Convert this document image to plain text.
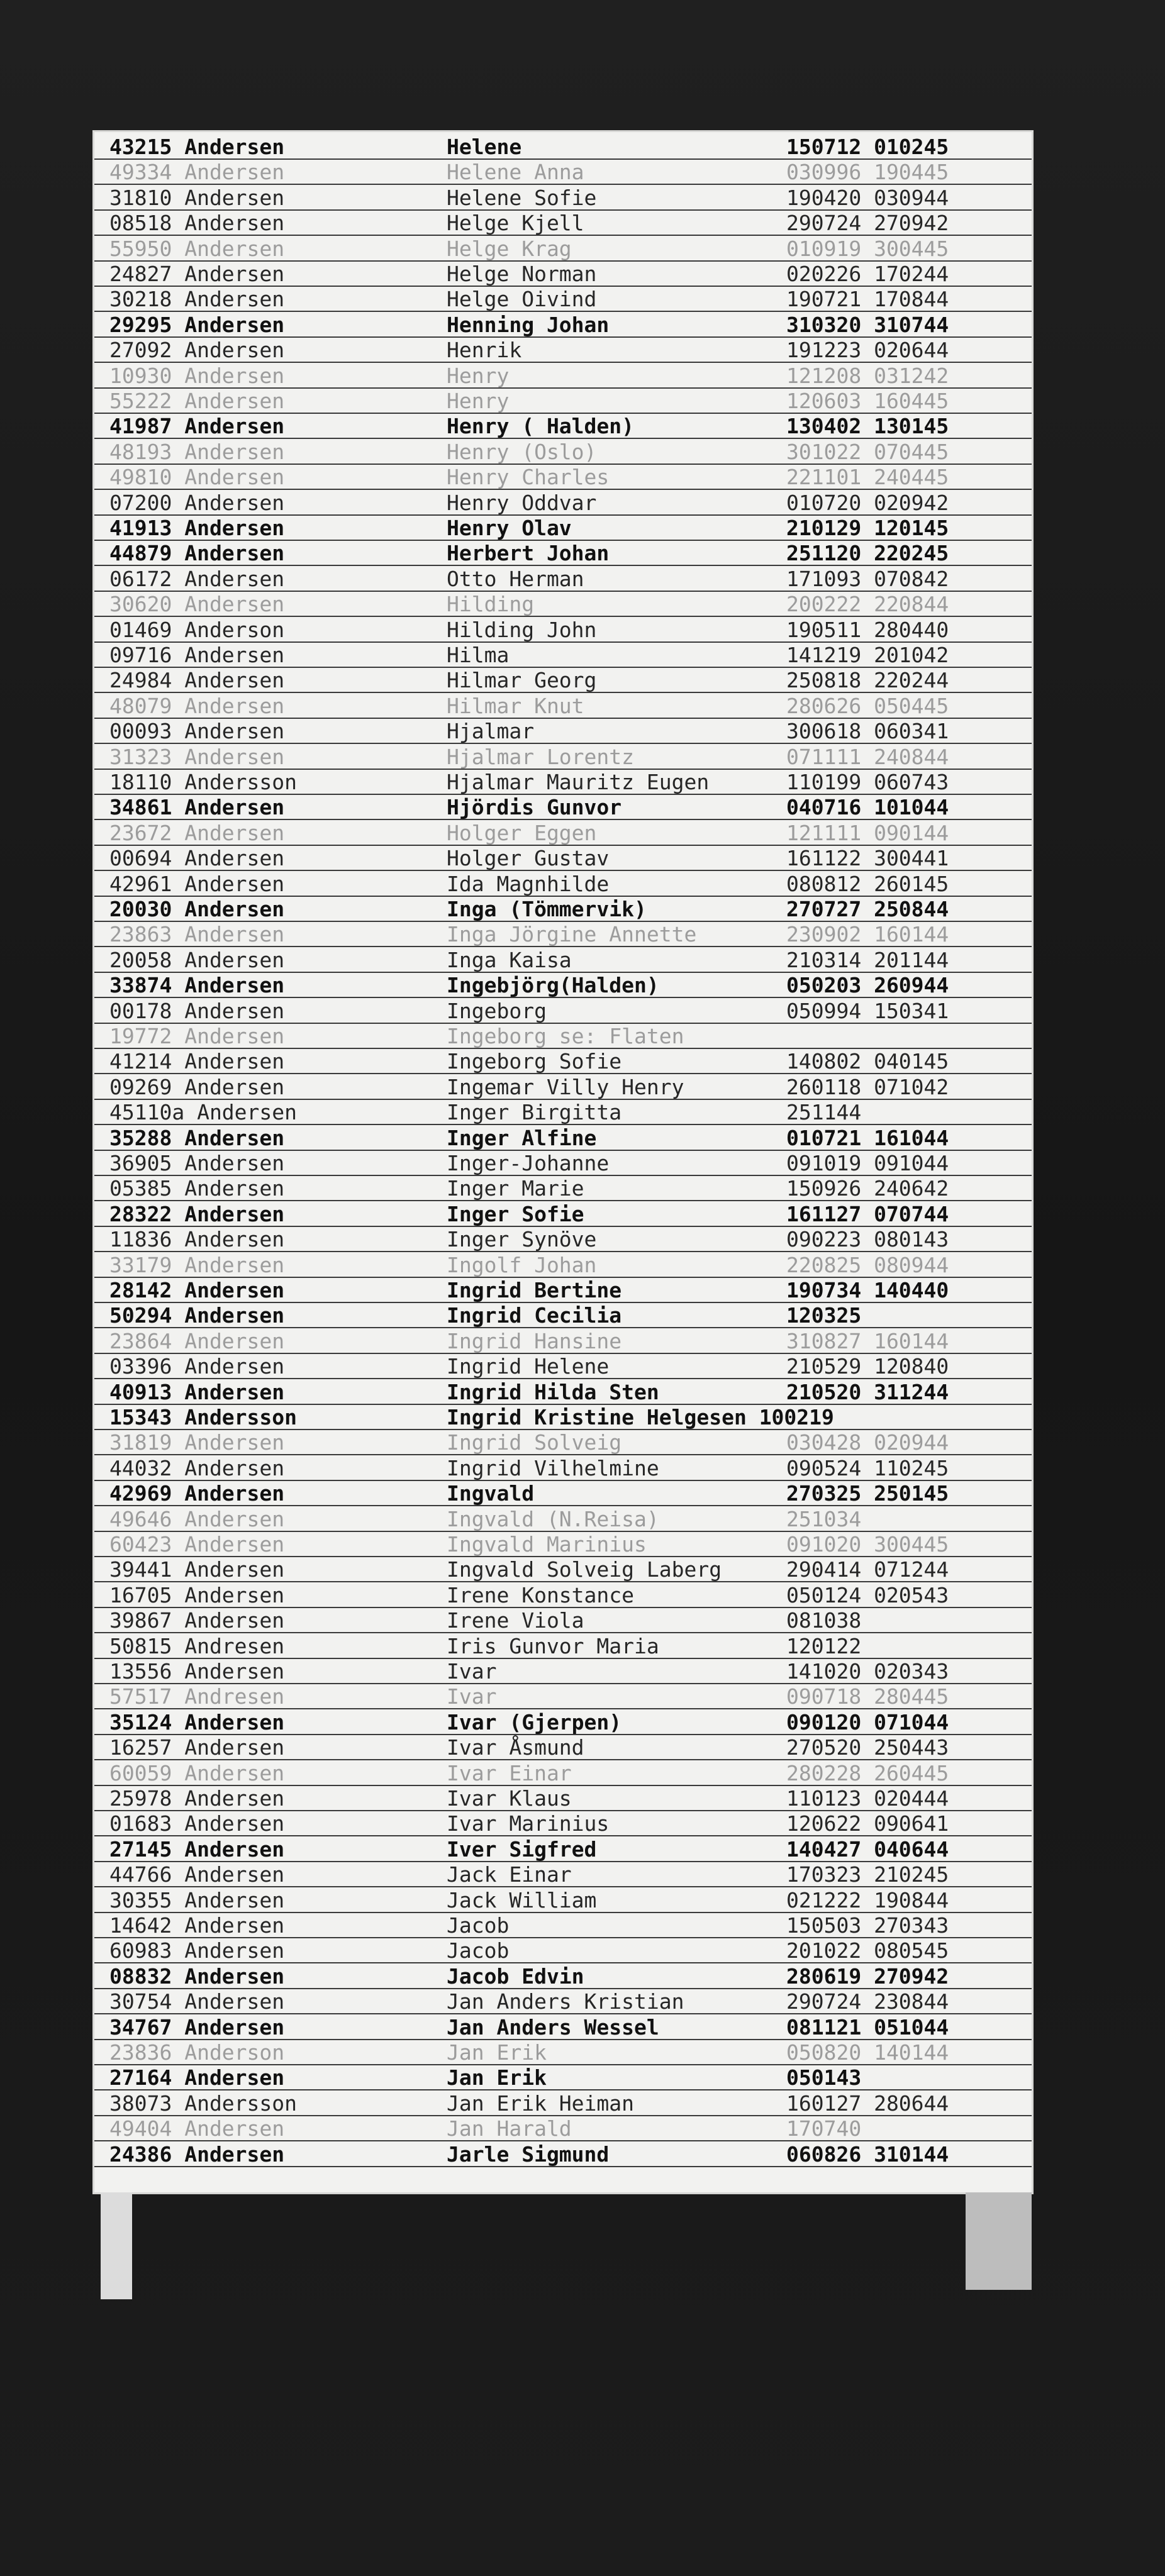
43215 Andersen	Helene	150712 010245
49334 Andersen	Helene Anna	030996 190445
31810 Andersen	Helene Sofie	190420 030944
08518 Andersen	Helge Kjell	290724 270942
55950 Andersen	Helge Krag	010919 300445
24827 Andersen	Helge Norman	020226 170244
30218 Andersen	Helge Oivind	190721 170844
29295 Andersen	Henning Johan	310320 310744
27092 Andersen	Henrik	191223 020644
10930 Andersen	Henry	121208 031242
55222 Andersen	Henry	120603 160445
41987 Andersen	Henry ( Halden)	130402 130145
48193 Andersen	Henry (Oslo)	301022 070445
49810 Andersen	Henry Charles	221101 240445
07200 Andersen	Henry Oddvar	010720 020942
41913 Andersen	Henry Olav	210129 120145
44879 Andersen	Herbert Johan	251120 220245
06172 Andersen	Otto Herman	171093 070842
30620 Andersen	Hilding	200222 220844
01469 Anderson	Hilding John	190511 280440
09716 Andersen	Hilma	141219 201042
24984 Andersen	Hilmar Georg	250818 220244
48079 Andersen	Hilmar Knut	280626 050445
00093 Andersen	Hjalmar	300618 060341
31323 Andersen	Hjalmar Lorentz	071111 240844
18110 Andersson	Hjalmar Mauritz Eugen	110199 060743
34861 Andersen	Hjördis Gunvor	040716 101044
23672 Andersen	Holger Eggen	121111 090144
00694 Andersen	Holger Gustav	161122 300441
42961 Andersen	Ida Magnhilde	080812 260145
20030 Andersen	Inga (Tömmervik)	270727 250844
23863 Andersen	Inga Jörgine Annette	230902 160144
20058 Andersen	Inga Kaisa	210314 201144
33874 Andersen	Ingebjörg(Halden)	050203 260944
00178 Andersen	Ingeborg	050994 150341
19772 Andersen	Ingeborg se: Flaten
41214 Andersen	Ingeborg Sofie	140802 040145
09269 Andersen	Ingemar Villy Henry	260118 071042
45110a Andersen	Inger Birgitta	251144
35288 Andersen	Inger Alfine	010721 161044
36905 Andersen	Inger-Johanne	091019 091044
05385 Andersen	Inger Marie	150926 240642
28322 Andersen	Inger Sofie	161127 070744
11836 Andersen	Inger Synöve	090223 080143
33179 Andersen	Ingolf Johan	220825 080944
28142 Andersen	Ingrid Bertine	190734 140440
50294 Andersen	Ingrid Cecilia	120325
23864 Andersen	Ingrid Hansine	310827 160144
03396 Andersen	Ingrid Helene	210529 120840
40913 Andersen	Ingrid Hilda Sten	210520 311244
15343 Andersson	Ingrid Kristine Helgesen 100219
31819 Andersen	Ingrid Solveig	030428 020944
44032 Andersen	Ingrid Vilhelmine	090524 110245
42969 Andersen	Ingvald	270325 250145
49646 Andersen	Ingvald (N.Reisa)	251034
60423 Andersen	Ingvald Marinius	091020 300445
39441 Andersen	Ingvald Solveig Laberg	290414 071244
16705 Andersen	Irene Konstance	050124 020543
39867 Andersen	Irene Viola	081038
50815 Andresen	Iris Gunvor Maria	120122
13556 Andersen	Ivar	141020 020343
57517 Andresen	Ivar	090718 280445
35124 Andersen	Ivar (Gjerpen)	090120 071044
16257 Andersen	Ivar Åsmund	270520 250443
60059 Andersen	Ivar Einar	280228 260445
25978 Andersen	Ivar Klaus	110123 020444
01683 Andersen	Ivar Marinius	120622 090641
27145 Andersen	Iver Sigfred	140427 040644
44766 Andersen	Jack Einar	170323 210245
30355 Andersen	Jack William	021222 190844
14642 Andersen	Jacob	150503 270343
60983 Andersen	Jacob	201022 080545
08832 Andersen	Jacob Edvin	280619 270942
30754 Andersen	Jan Anders Kristian	290724 230844
34767 Andersen	Jan Anders Wessel	081121 051044
23836 Anderson	Jan Erik	050820 140144
27164 Andersen	Jan Erik	050143
38073 Andersson	Jan Erik Heiman	160127 280644
49404 Andersen	Jan Harald	170740
24386 Andersen	Jarle Sigmund	060826 310144
